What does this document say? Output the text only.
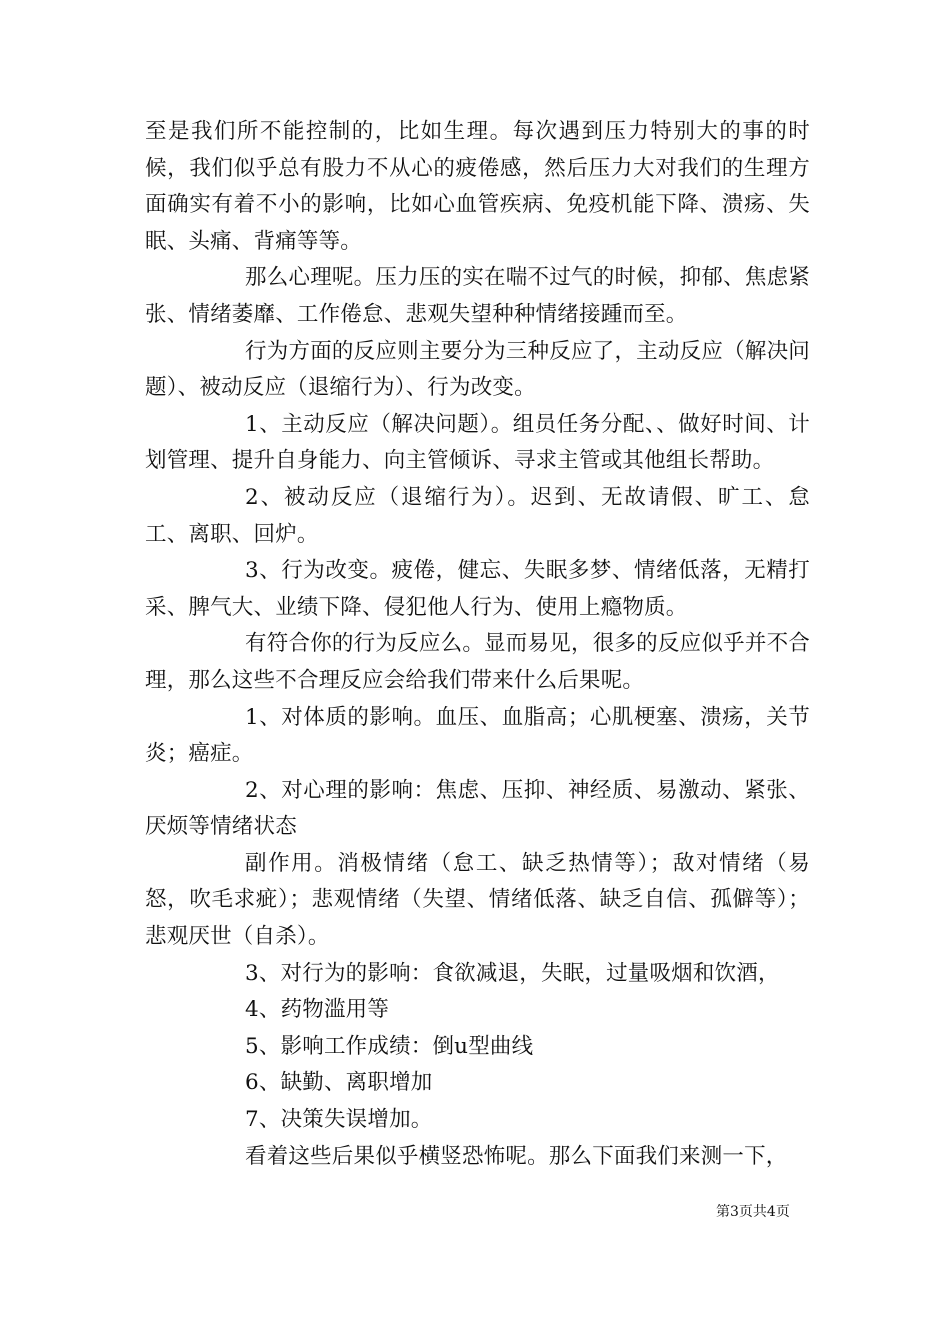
至是我们所不能控制的，比如生理。每次遇到压力特别大的事的时候，我们似乎总有股力不从心的疲倦感，然后压力大对我们的生理方面确实有着不小的影响，比如心血管疾病、免疫机能下降、溃疡、失眠、头痛、背痛等等。

那么心理呢。压力压的实在喘不过气的时候，抑郁、焦虑紧张、情绪萎靡、工作倦怠、悲观失望种种情绪接踵而至。

行为方面的反应则主要分为三种反应了，主动反应（解决问题）、被动反应（退缩行为）、行为改变。

1、主动反应（解决问题）。组员任务分配、、做好时间、计划管理、提升自身能力、向主管倾诉、寻求主管或其他组长帮助。

2、被动反应（退缩行为）。迟到、无故请假、旷工、怠工、离职、回炉。

3、行为改变。疲倦，健忘、失眠多梦、情绪低落，无精打采、脾气大、业绩下降、侵犯他人行为、使用上瘾物质。

有符合你的行为反应么。显而易见，很多的反应似乎并不合理，那么这些不合理反应会给我们带来什么后果呢。

1、对体质的影响。血压、血脂高；心肌梗塞、溃疡，关节炎；癌症。

2、对心理的影响：焦虑、压抑、神经质、易激动、紧张、厌烦等情绪状态

副作用。消极情绪（怠工、缺乏热情等）；敌对情绪（易怒，吹毛求疵）；悲观情绪（失望、情绪低落、缺乏自信、孤僻等）；悲观厌世（自杀）。

3、对行为的影响：食欲减退，失眠，过量吸烟和饮酒，

4、药物滥用等

5、影响工作成绩：倒u型曲线

6、缺勤、离职增加

7、决策失误增加。

看着这些后果似乎横竖恐怖呢。那么下面我们来测一下，

第3页共4页
